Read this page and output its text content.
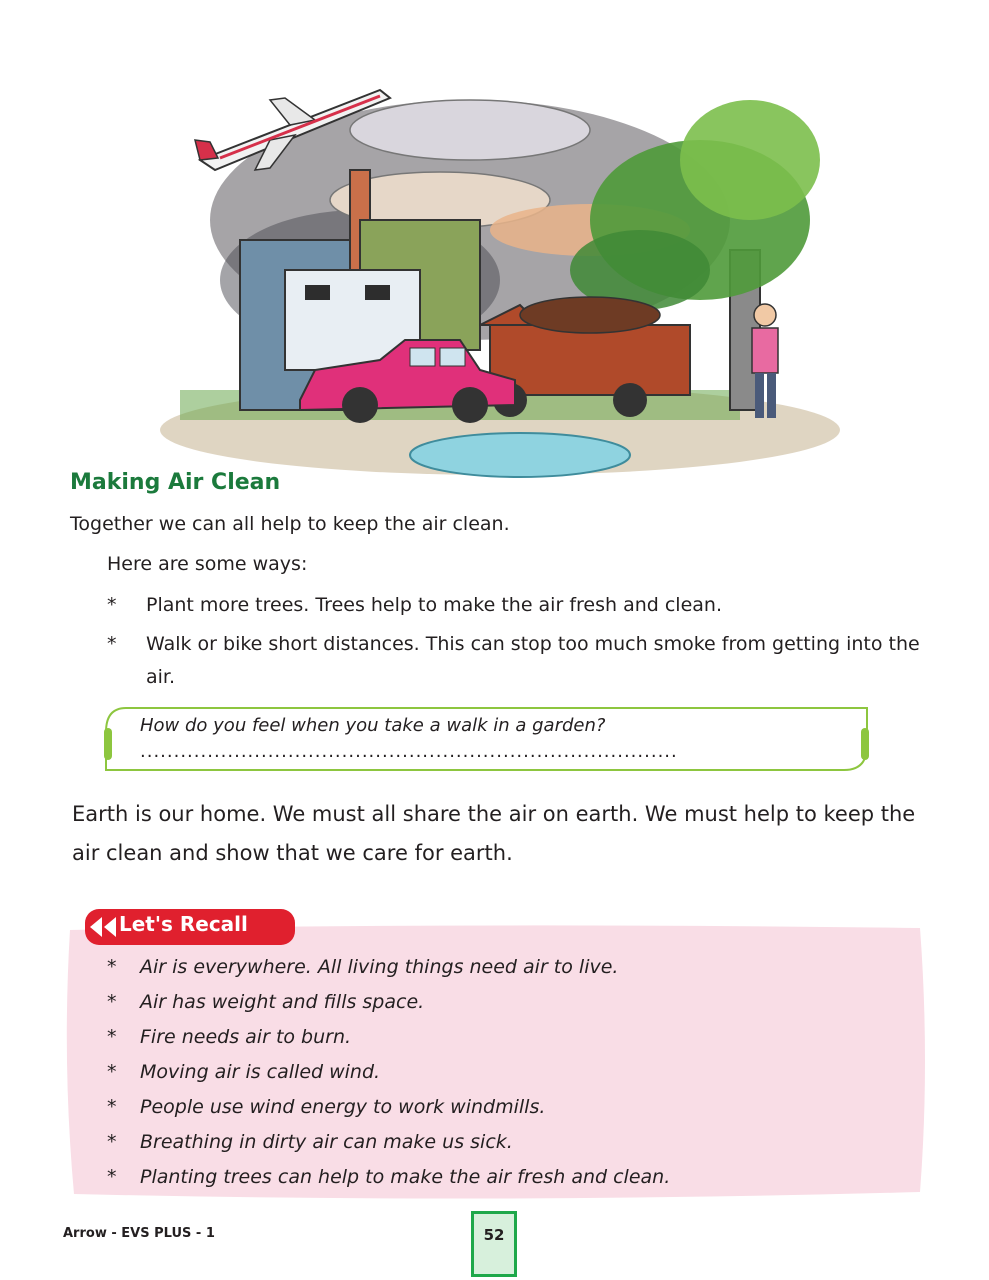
Making Air Clean

Together we can all help to keep the air clean.

Here are some ways:

*	Plant more trees. Trees help to make the air fresh and clean.
*	Walk or bike short distances. This can stop too much smoke from getting into the air.

How do you feel when you take a walk in a garden?

................................................................................

Earth is our home. We must all share the air on earth. We must help to keep the air clean and show that we care for earth.

Let's Recall

*	Air is everywhere. All living things need air to live.
*	Air has weight and fills space.
*	Fire needs air to burn.
*	Moving air is called wind.
*	People use wind energy to work windmills.
*	Breathing in dirty air can make us sick.
*	Planting trees can help to make the air fresh and clean.

Arrow - EVS PLUS - 1	52
